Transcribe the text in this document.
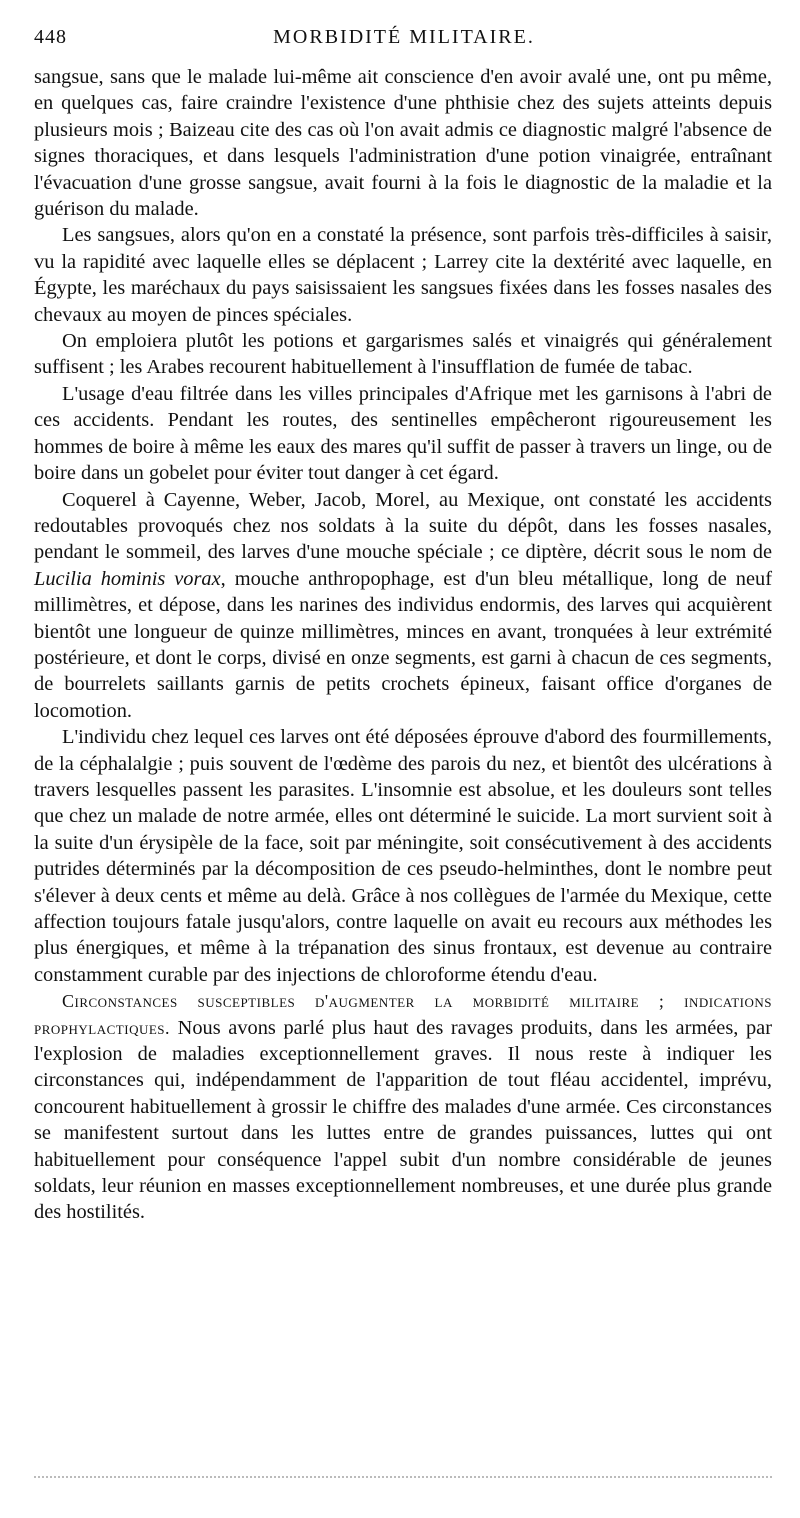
448	MORBIDITÉ MILITAIRE.

sangsue, sans que le malade lui-même ait conscience d'en avoir avalé une, ont pu même, en quelques cas, faire craindre l'existence d'une phthisie chez des sujets atteints depuis plusieurs mois ; Baizeau cite des cas où l'on avait admis ce diagnostic malgré l'absence de signes thoraciques, et dans lesquels l'administration d'une potion vinaigrée, entraînant l'évacuation d'une grosse sangsue, avait fourni à la fois le diagnostic de la maladie et la guérison du malade.

Les sangsues, alors qu'on en a constaté la présence, sont parfois très-difficiles à saisir, vu la rapidité avec laquelle elles se déplacent ; Larrey cite la dextérité avec laquelle, en Égypte, les maréchaux du pays saisissaient les sangsues fixées dans les fosses nasales des chevaux au moyen de pinces spéciales.

On emploiera plutôt les potions et gargarismes salés et vinaigrés qui généralement suffisent ; les Arabes recourent habituellement à l'insufflation de fumée de tabac.

L'usage d'eau filtrée dans les villes principales d'Afrique met les garnisons à l'abri de ces accidents. Pendant les routes, des sentinelles empêcheront rigoureusement les hommes de boire à même les eaux des mares qu'il suffit de passer à travers un linge, ou de boire dans un gobelet pour éviter tout danger à cet égard.

Coquerel à Cayenne, Weber, Jacob, Morel, au Mexique, ont constaté les accidents redoutables provoqués chez nos soldats à la suite du dépôt, dans les fosses nasales, pendant le sommeil, des larves d'une mouche spéciale ; ce diptère, décrit sous le nom de Lucilia hominis vorax, mouche anthropophage, est d'un bleu métallique, long de neuf millimètres, et dépose, dans les narines des individus endormis, des larves qui acquièrent bientôt une longueur de quinze millimètres, minces en avant, tronquées à leur extrémité postérieure, et dont le corps, divisé en onze segments, est garni à chacun de ces segments, de bourrelets saillants garnis de petits crochets épineux, faisant office d'organes de locomotion.

L'individu chez lequel ces larves ont été déposées éprouve d'abord des fourmillements, de la céphalalgie ; puis souvent de l'œdème des parois du nez, et bientôt des ulcérations à travers lesquelles passent les parasites. L'insomnie est absolue, et les douleurs sont telles que chez un malade de notre armée, elles ont déterminé le suicide. La mort survient soit à la suite d'un érysipèle de la face, soit par méningite, soit consécutivement à des accidents putrides déterminés par la décomposition de ces pseudo-helminthes, dont le nombre peut s'élever à deux cents et même au delà. Grâce à nos collègues de l'armée du Mexique, cette affection toujours fatale jusqu'alors, contre laquelle on avait eu recours aux méthodes les plus énergiques, et même à la trépanation des sinus frontaux, est devenue au contraire constamment curable par des injections de chloroforme étendu d'eau.

Circonstances susceptibles d'augmenter la morbidité militaire ; indications prophylactiques. Nous avons parlé plus haut des ravages produits, dans les armées, par l'explosion de maladies exceptionnellement graves. Il nous reste à indiquer les circonstances qui, indépendamment de l'apparition de tout fléau accidentel, imprévu, concourent habituellement à grossir le chiffre des malades d'une armée. Ces circonstances se manifestent surtout dans les luttes entre de grandes puissances, luttes qui ont habituellement pour conséquence l'appel subit d'un nombre considérable de jeunes soldats, leur réunion en masses exceptionnellement nombreuses, et une durée plus grande des hostilités.
